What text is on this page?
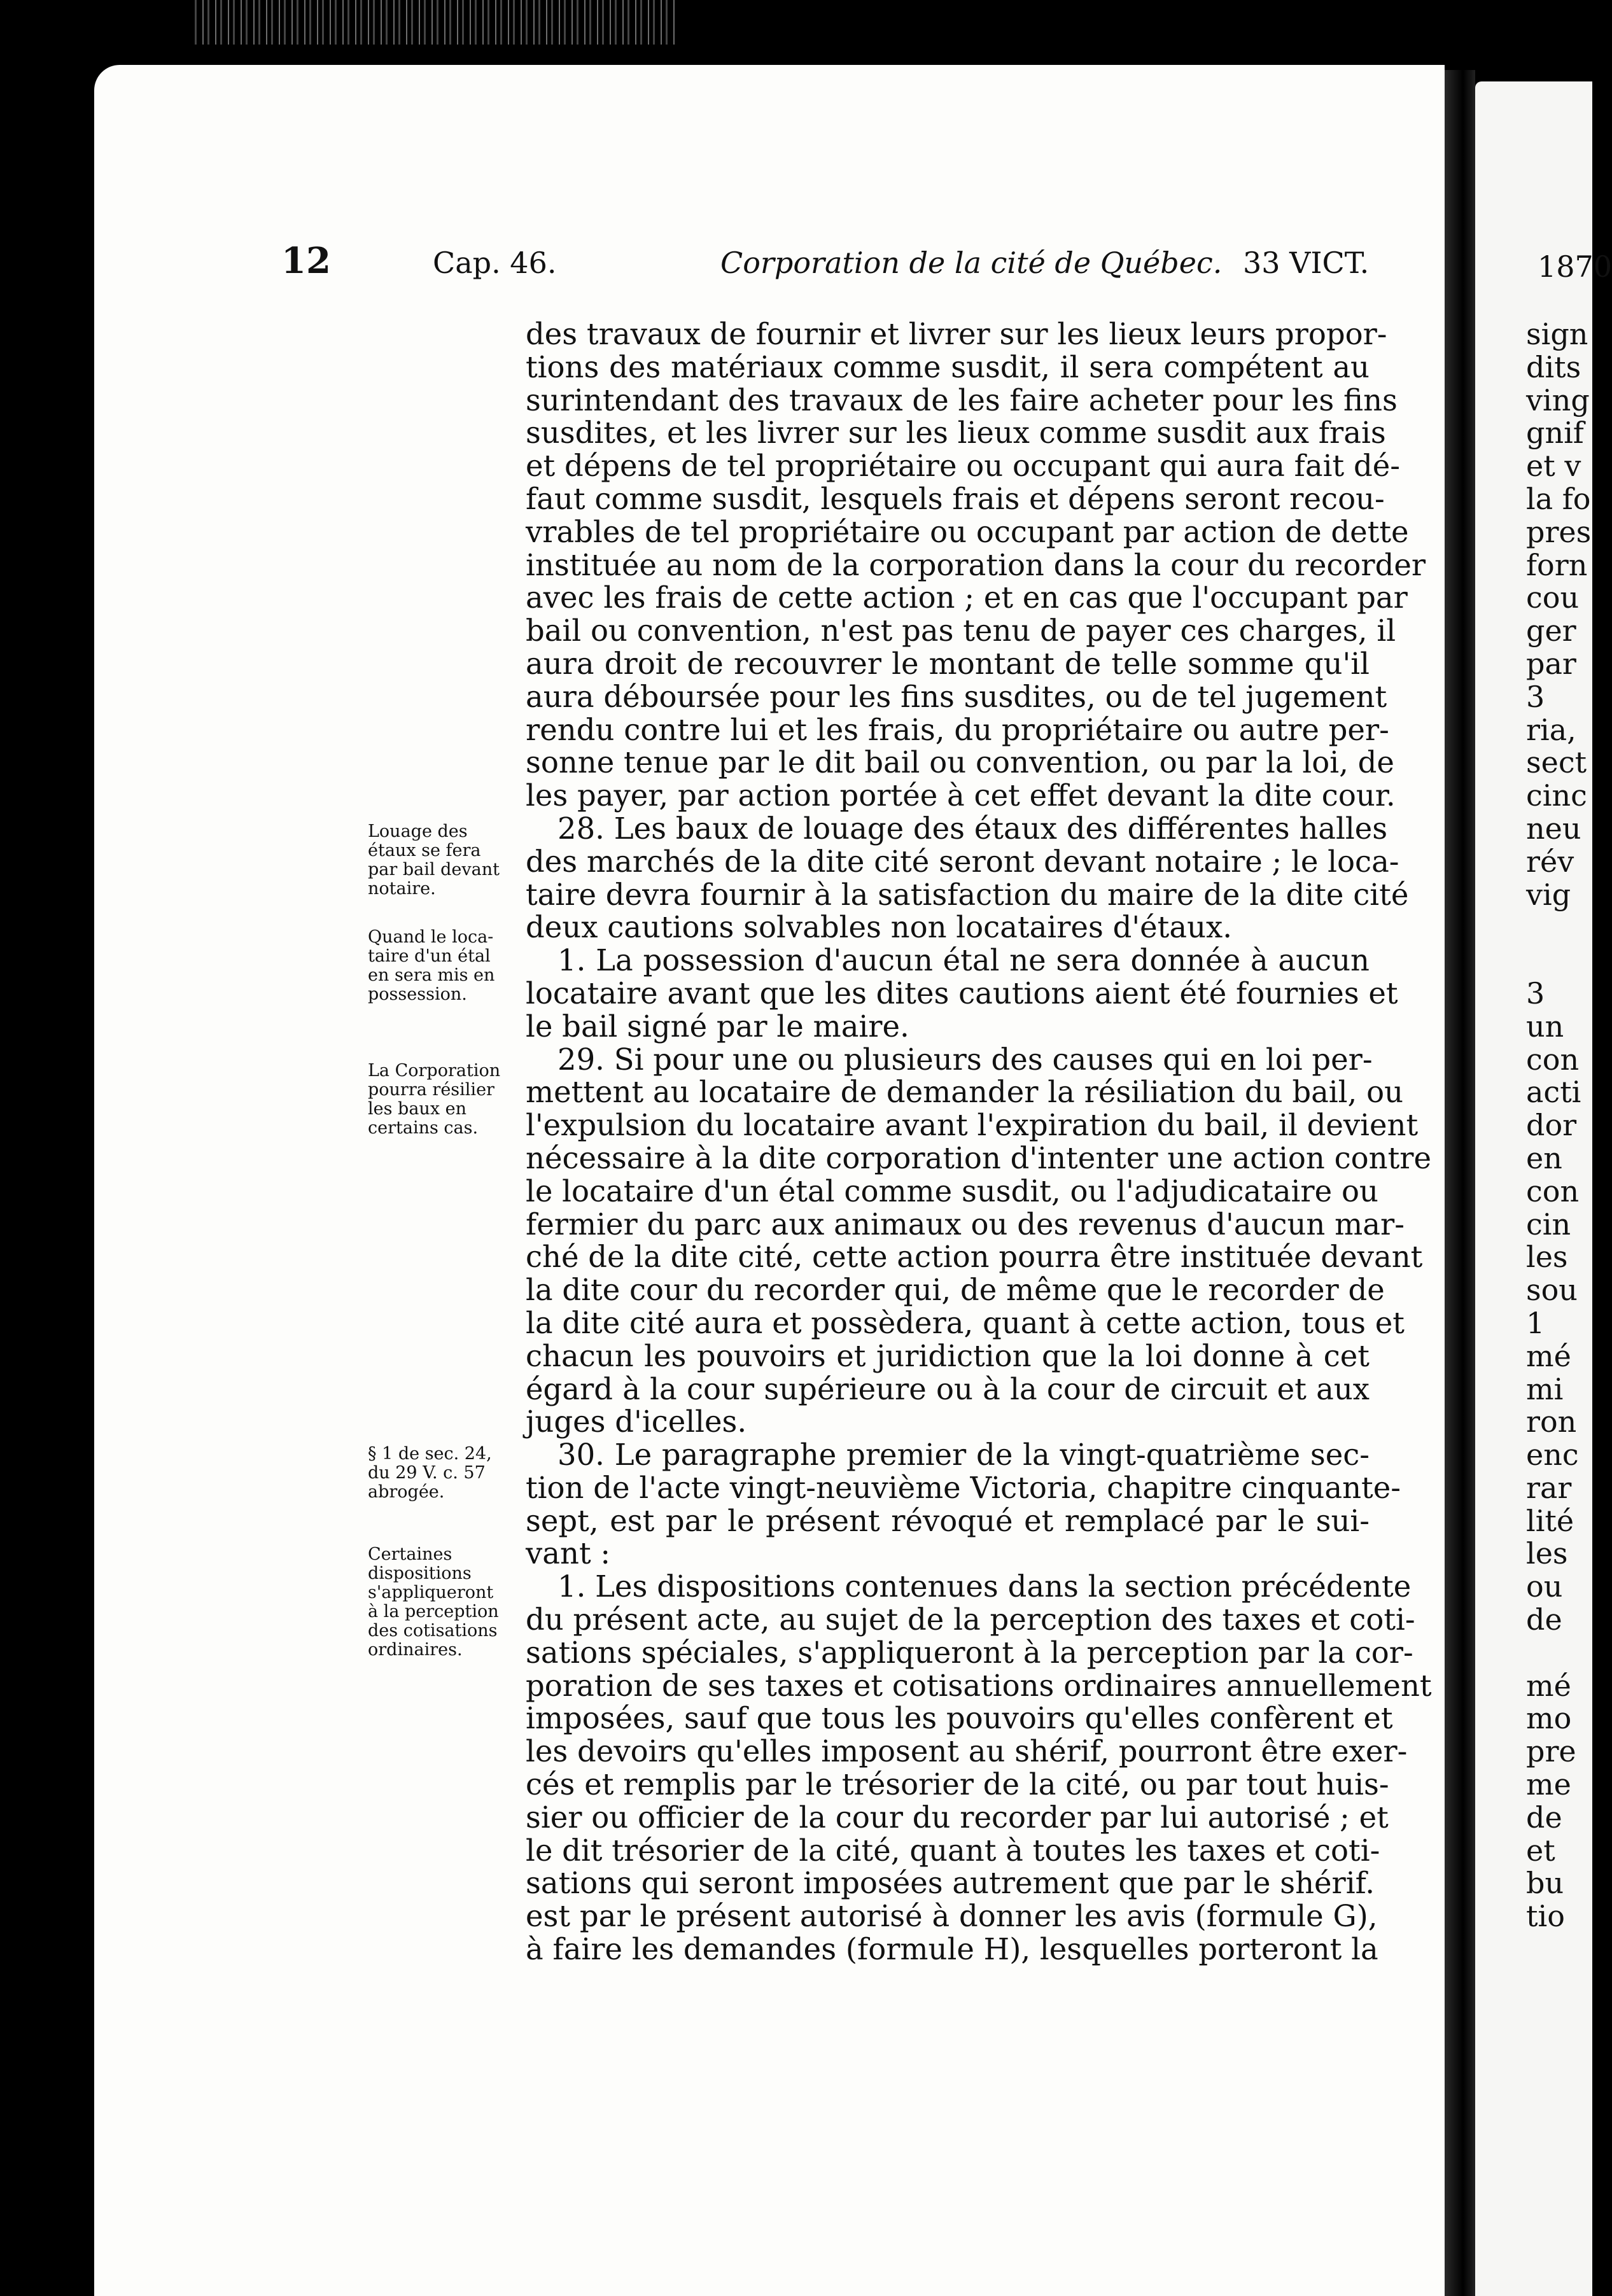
12	Cap. 46.	Corporation de la cité de Québec. 33 VICT.
des travaux de fournir et livrer sur les lieux leurs propor-
tions des matériaux comme susdit, il sera compétent au
surintendant des travaux de les faire acheter pour les fins
susdites, et les livrer sur les lieux comme susdit aux frais
et dépens de tel propriétaire ou occupant qui aura fait dé-
faut comme susdit, lesquels frais et dépens seront recou-
vrables de tel propriétaire ou occupant par action de dette
instituée au nom de la corporation dans la cour du recorder
avec les frais de cette action ; et en cas que l'occupant par
bail ou convention, n'est pas tenu de payer ces charges, il
aura droit de recouvrer le montant de telle somme qu'il
aura déboursée pour les fins susdites, ou de tel jugement
rendu contre lui et les frais, du propriétaire ou autre per-
sonne tenue par le dit bail ou convention, ou par la loi, de
les payer, par action portée à cet effet devant la dite cour.
28. Les baux de louage des étaux des différentes halles
des marchés de la dite cité seront devant notaire ; le loca-
taire devra fournir à la satisfaction du maire de la dite cité
deux cautions solvables non locataires d'étaux.
1. La possession d'aucun étal ne sera donnée à aucun
locataire avant que les dites cautions aient été fournies et
le bail signé par le maire.
29. Si pour une ou plusieurs des causes qui en loi per-
mettent au locataire de demander la résiliation du bail, ou
l'expulsion du locataire avant l'expiration du bail, il devient
nécessaire à la dite corporation d'intenter une action contre
le locataire d'un étal comme susdit, ou l'adjudicataire ou
fermier du parc aux animaux ou des revenus d'aucun mar-
ché de la dite cité, cette action pourra être instituée devant
la dite cour du recorder qui, de même que le recorder de
la dite cité aura et possèdera, quant à cette action, tous et
chacun les pouvoirs et juridiction que la loi donne à cet
égard à la cour supérieure ou à la cour de circuit et aux
juges d'icelles.
30. Le paragraphe premier de la vingt-quatrième sec-
tion de l'acte vingt-neuvième Victoria, chapitre cinquante-
sept, est par le présent révoqué et remplacé par le sui-
vant :
1. Les dispositions contenues dans la section précédente
du présent acte, au sujet de la perception des taxes et coti-
sations spéciales, s'appliqueront à la perception par la cor-
poration de ses taxes et cotisations ordinaires annuellement
imposées, sauf que tous les pouvoirs qu'elles confèrent et
les devoirs qu'elles imposent au shérif, pourront être exer-
cés et remplis par le trésorier de la cité, ou par tout huis-
sier ou officier de la cour du recorder par lui autorisé ; et
le dit trésorier de la cité, quant à toutes les taxes et coti-
sations qui seront imposées autrement que par le shérif.
est par le présent autorisé à donner les avis (formule G),
à faire les demandes (formule H), lesquelles porteront la
Louage des
étaux se fera
par bail devant
notaire.
Quand le loca-
taire d'un étal
en sera mis en
possession.
La Corporation
pourra résilier
les baux en
certains cas.
§ 1 de sec. 24,
du 29 V. c. 57
abrogée.
Certaines
dispositions
s'appliqueront
à la perception
des cotisations
ordinaires.
1870
sign
dits
ving
gnif
et v
la fo
pres
forn
cou
ger
par
3
ria,
sect
cinc
neu
rév
vig
3
un
con
acti
dor
en
con
cin
les
sou
1
mé
mi
ron
enc
rar
lité
les
ou
de
mé
mo
pre
me
de
et
bu
tio
